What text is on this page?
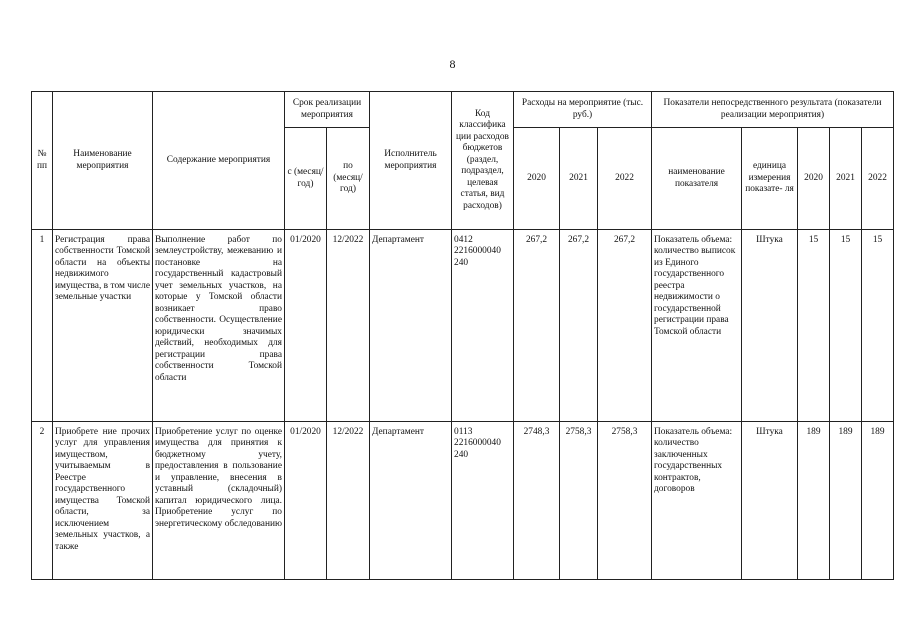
8
№ пп	Наименование мероприятия	Содержание мероприятия	Срок реализации мероприятия		Исполнитель мероприятия	Код классифика ции расходов бюджетов (раздел, подраздел, целевая статья, вид расходов)	Расходы на мероприятие (тыс. руб.)			Показатели непосредственного результата (показатели реализации мероприятия)				
			с (месяц/ год)	по (месяц/ год)			2020	2021	2022	наименование показателя	единица измерения показате- ля	2020	2021	2022
1	Регистрация права собственности Томской области на объекты недвижимого имущества, в том числе земельные участки	Выполнение работ по землеустройству, межеванию и постановке на государственный кадастровый учет земельных участков, на которые у Томской области возникает право собственности. Осуществление юридически значимых действий, необходимых для регистрации права собственности Томской области	01/2020	12/2022	Департамент	0412 2216000040 240	267,2	267,2	267,2	Показатель объема: количество выписок из Единого государственного реестра недвижимости о государственной регистрации права Томской области	Штука	15	15	15
2	Приобрете ние прочих услуг для управления имуществом, учитываемым в Реестре государственного имущества Томской области, за исключением земельных участков, а также	Приобретение услуг по оценке имущества для принятия к бюджетному учету, предоставления в пользование и управление, внесения в уставный (складочный) капитал юридического лица. Приобретение услуг по энергетическому обследованию	01/2020	12/2022	Департамент	0113 2216000040 240	2748,3	2758,3	2758,3	Показатель объема: количество заключенных государственных контрактов, договоров	Штука	189	189	189
